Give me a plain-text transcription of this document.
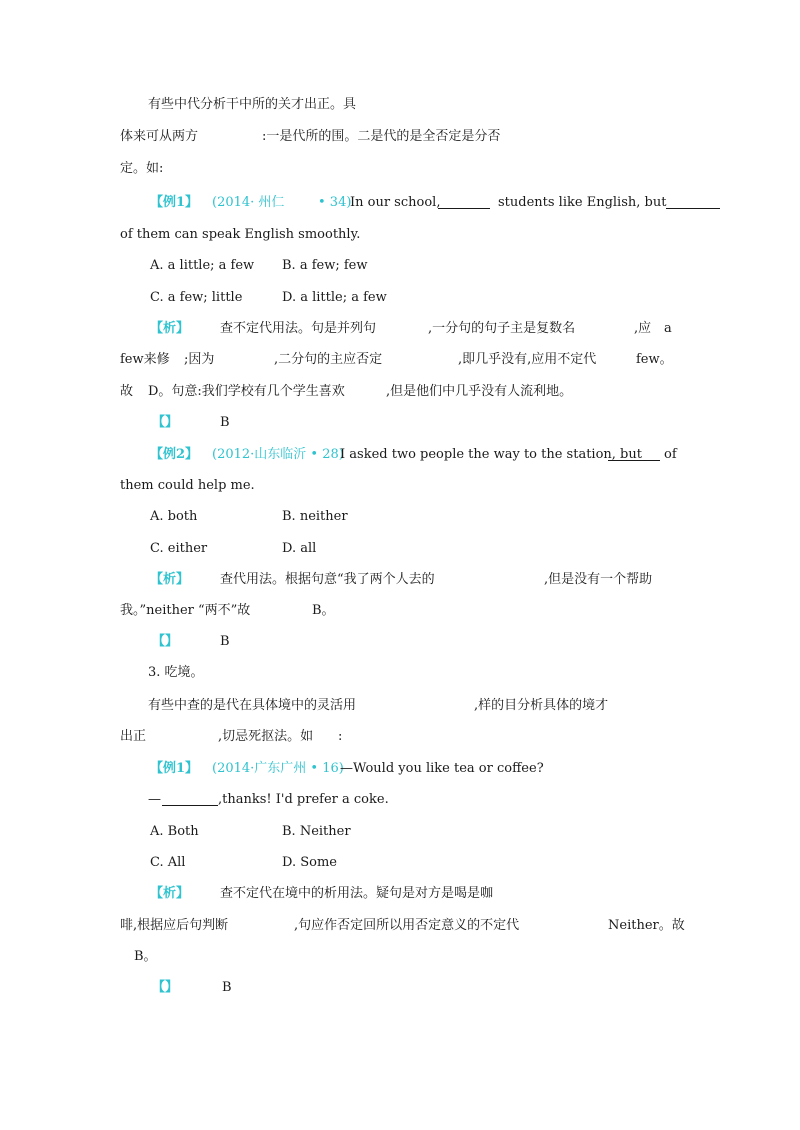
有些中代分析干中所的关才出正。具
体来可从两方	:一是代所的围。二是代的是全否定是分否
定。如:
【例1】 (2014· 州仁	• 34)
In our school,	students like English, but
of them can speak English smoothly.
A. a little; a few B. a few; few
C. a few; little	D. a little; a few
【析】 查不定代用法。句是并列句	,一分句的句子主是复数名	,应 a
few来修 ;因为	,二分句的主应否定	,即几乎没有,应用不定代	few。
故 D。句意:我们学校有几个学生喜欢	,但是他们中几乎没有人流利地。
【】	B
【例2】 (2012·山东临沂 • 28)
I asked two people the way to the station, but of
them could help me.
A. both	B. neither
C. either	D. all
【析】 查代用法。根据句意“我了两个人去的	,但是没有一个帮助
我。”neither “两不”故	B。
【】	B
3. 吃境。
有些中查的是代在具体境中的灵活用	,样的目分析具体的境才
出正	,切忌死抠法。如 :
【例1】 (2014·广东广州 • 16)
—Would you like tea or coffee?
—	,thanks! I'd prefer a coke.
A. Both	B. Neither
C. All	D. Some
【析】 查不定代在境中的析用法。疑句是对方是喝是咖
啡,根据应后句判断	,句应作否定回所以用否定意义的不定代	Neither。故
B。
【】	B
